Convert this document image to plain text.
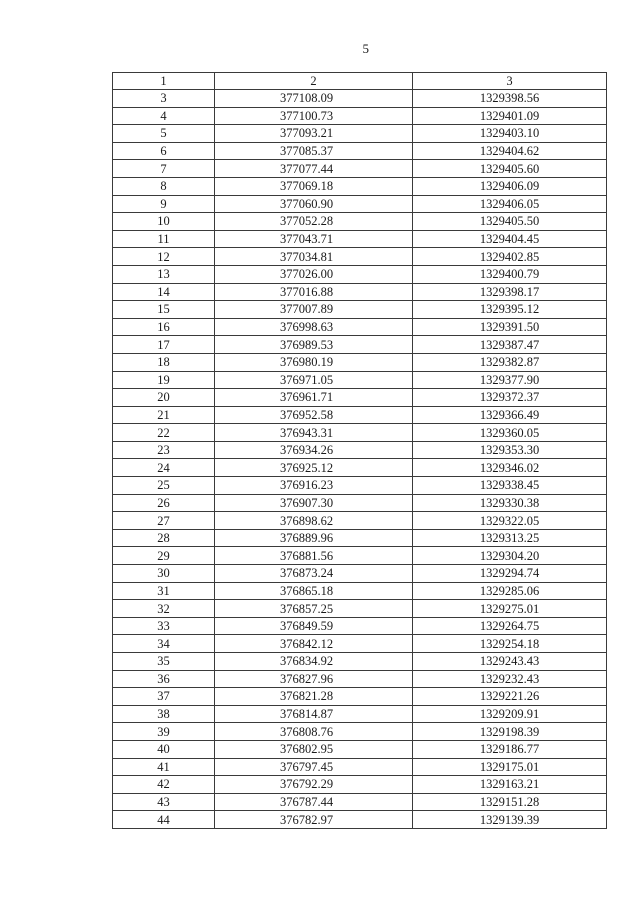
5
1	2	3
3	377108.09	1329398.56
4	377100.73	1329401.09
5	377093.21	1329403.10
6	377085.37	1329404.62
7	377077.44	1329405.60
8	377069.18	1329406.09
9	377060.90	1329406.05
10	377052.28	1329405.50
11	377043.71	1329404.45
12	377034.81	1329402.85
13	377026.00	1329400.79
14	377016.88	1329398.17
15	377007.89	1329395.12
16	376998.63	1329391.50
17	376989.53	1329387.47
18	376980.19	1329382.87
19	376971.05	1329377.90
20	376961.71	1329372.37
21	376952.58	1329366.49
22	376943.31	1329360.05
23	376934.26	1329353.30
24	376925.12	1329346.02
25	376916.23	1329338.45
26	376907.30	1329330.38
27	376898.62	1329322.05
28	376889.96	1329313.25
29	376881.56	1329304.20
30	376873.24	1329294.74
31	376865.18	1329285.06
32	376857.25	1329275.01
33	376849.59	1329264.75
34	376842.12	1329254.18
35	376834.92	1329243.43
36	376827.96	1329232.43
37	376821.28	1329221.26
38	376814.87	1329209.91
39	376808.76	1329198.39
40	376802.95	1329186.77
41	376797.45	1329175.01
42	376792.29	1329163.21
43	376787.44	1329151.28
44	376782.97	1329139.39
